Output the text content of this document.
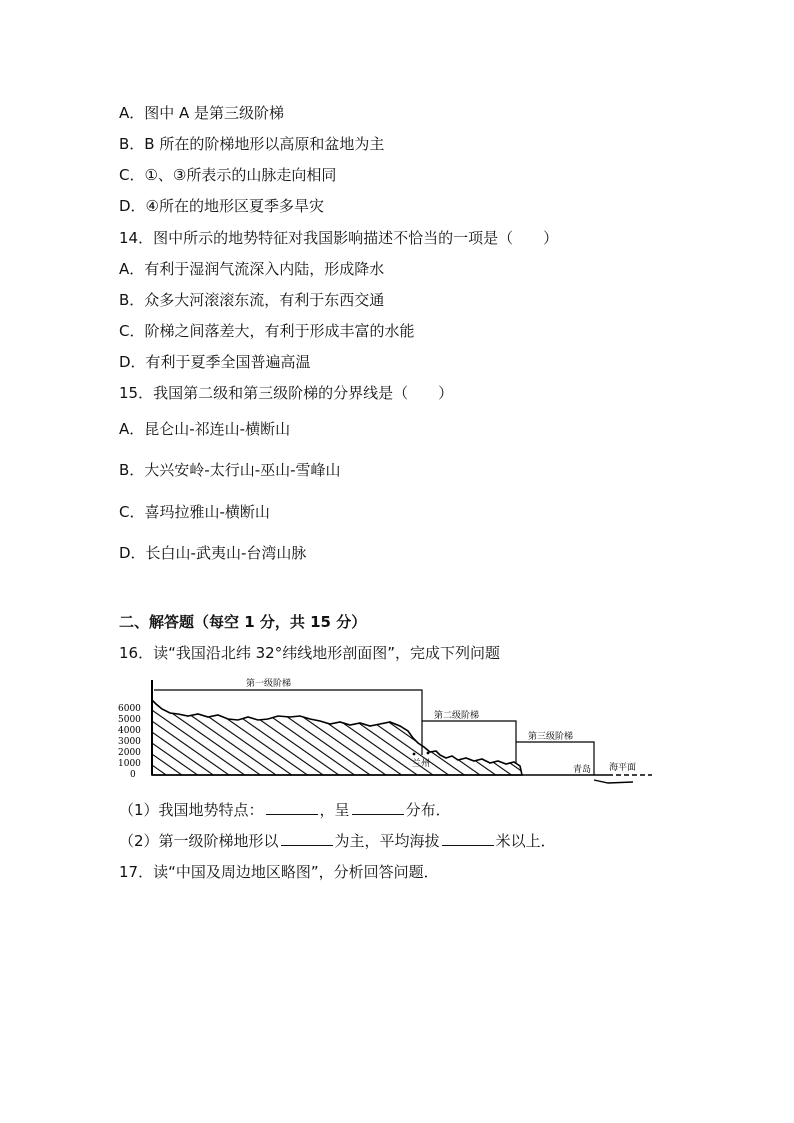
A．图中 A 是第三级阶梯
B．B 所在的阶梯地形以高原和盆地为主
C．①、③所表示的山脉走向相同
D．④所在的地形区夏季多旱灾
14．图中所示的地势特征对我国影响描述不恰当的一项是（　　）
A．有利于湿润气流深入内陆，形成降水
B．众多大河滚滚东流，有利于东西交通
C．阶梯之间落差大，有利于形成丰富的水能
D．有利于夏季全国普遍高温
15．我国第二级和第三级阶梯的分界线是（　　）
A．昆仑山-祁连山-横断山
B．大兴安岭-太行山-巫山-雪峰山
C．喜玛拉雅山-横断山
D．长白山-武夷山-台湾山脉
二、解答题（每空 1 分，共 15 分）
16．读“我国沿北纬 32°纬线地形剖面图”，完成下列问题
6000
5000
4000
3000
2000
1000
0
第一级阶梯
第二级阶梯
第三级阶梯
兰州
青岛 海平面
（1）我国地势特点：	，呈	分布．
（2）第一级阶梯地形以	为主，平均海拔	米以上．
17．读“中国及周边地区略图”，分析回答问题．
